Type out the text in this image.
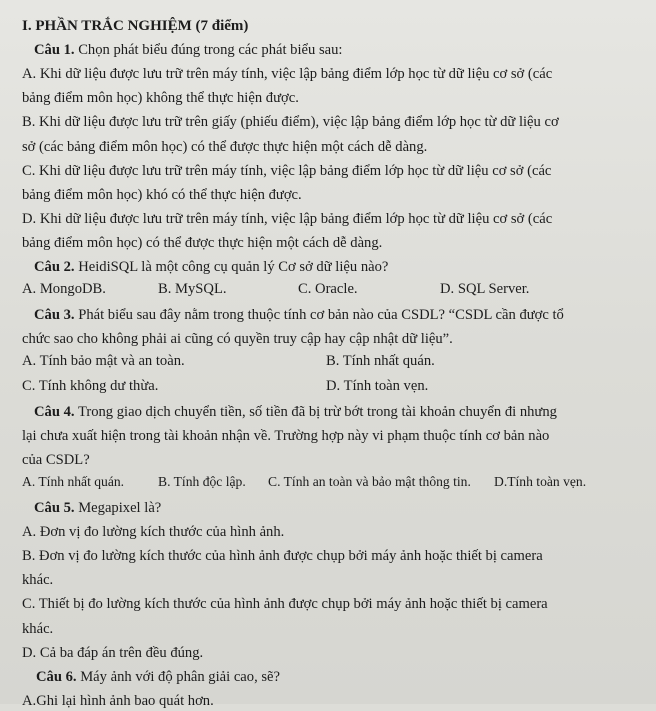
I. PHẦN TRẮC NGHIỆM (7 điểm)
Câu 1. Chọn phát biểu đúng trong các phát biểu sau:
A. Khi dữ liệu được lưu trữ trên máy tính, việc lập bảng điểm lớp học từ dữ liệu cơ sở (các
bảng điểm môn học) không thể thực hiện được.
B. Khi dữ liệu được lưu trữ trên giấy (phiếu điểm), việc lập bảng điểm lớp học từ dữ liệu cơ
sở (các bảng điểm môn học) có thể được thực hiện một cách dễ dàng.
C. Khi dữ liệu được lưu trữ trên máy tính, việc lập bảng điểm lớp học từ dữ liệu cơ sở (các
bảng điểm môn học) khó có thể thực hiện được.
D. Khi dữ liệu được lưu trữ trên máy tính, việc lập bảng điểm lớp học từ dữ liệu cơ sở (các
bảng điểm môn học) có thể được thực hiện một cách dễ dàng.
Câu 2. HeidiSQL là một công cụ quản lý Cơ sở dữ liệu nào?
A. MongoDB.	B. MySQL.	C. Oracle.	D. SQL Server.
Câu 3. Phát biểu sau đây nằm trong thuộc tính cơ bản nào của CSDL? “CSDL cần được tổ
chức sao cho không phải ai cũng có quyền truy cập hay cập nhật dữ liệu”.
A. Tính bảo mật và an toàn.	B. Tính nhất quán.
C. Tính không dư thừa.	D. Tính toàn vẹn.
Câu 4. Trong giao dịch chuyển tiền, số tiền đã bị trừ bớt trong tài khoản chuyển đi nhưng
lại chưa xuất hiện trong tài khoản nhận về. Trường hợp này vi phạm thuộc tính cơ bản nào
của CSDL?
A. Tính nhất quán. B. Tính độc lập. C. Tính an toàn và bảo mật thông tin. D.Tính toàn vẹn.
Câu 5. Megapixel là?
A. Đơn vị đo lường kích thước của hình ảnh.
B. Đơn vị đo lường kích thước của hình ảnh được chụp bởi máy ảnh hoặc thiết bị camera
khác.
C. Thiết bị đo lường kích thước của hình ảnh được chụp bởi máy ảnh hoặc thiết bị camera
khác.
D. Cả ba đáp án trên đều đúng.
Câu 6. Máy ảnh với độ phân giải cao, sẽ?
A.Ghi lại hình ảnh bao quát hơn.
